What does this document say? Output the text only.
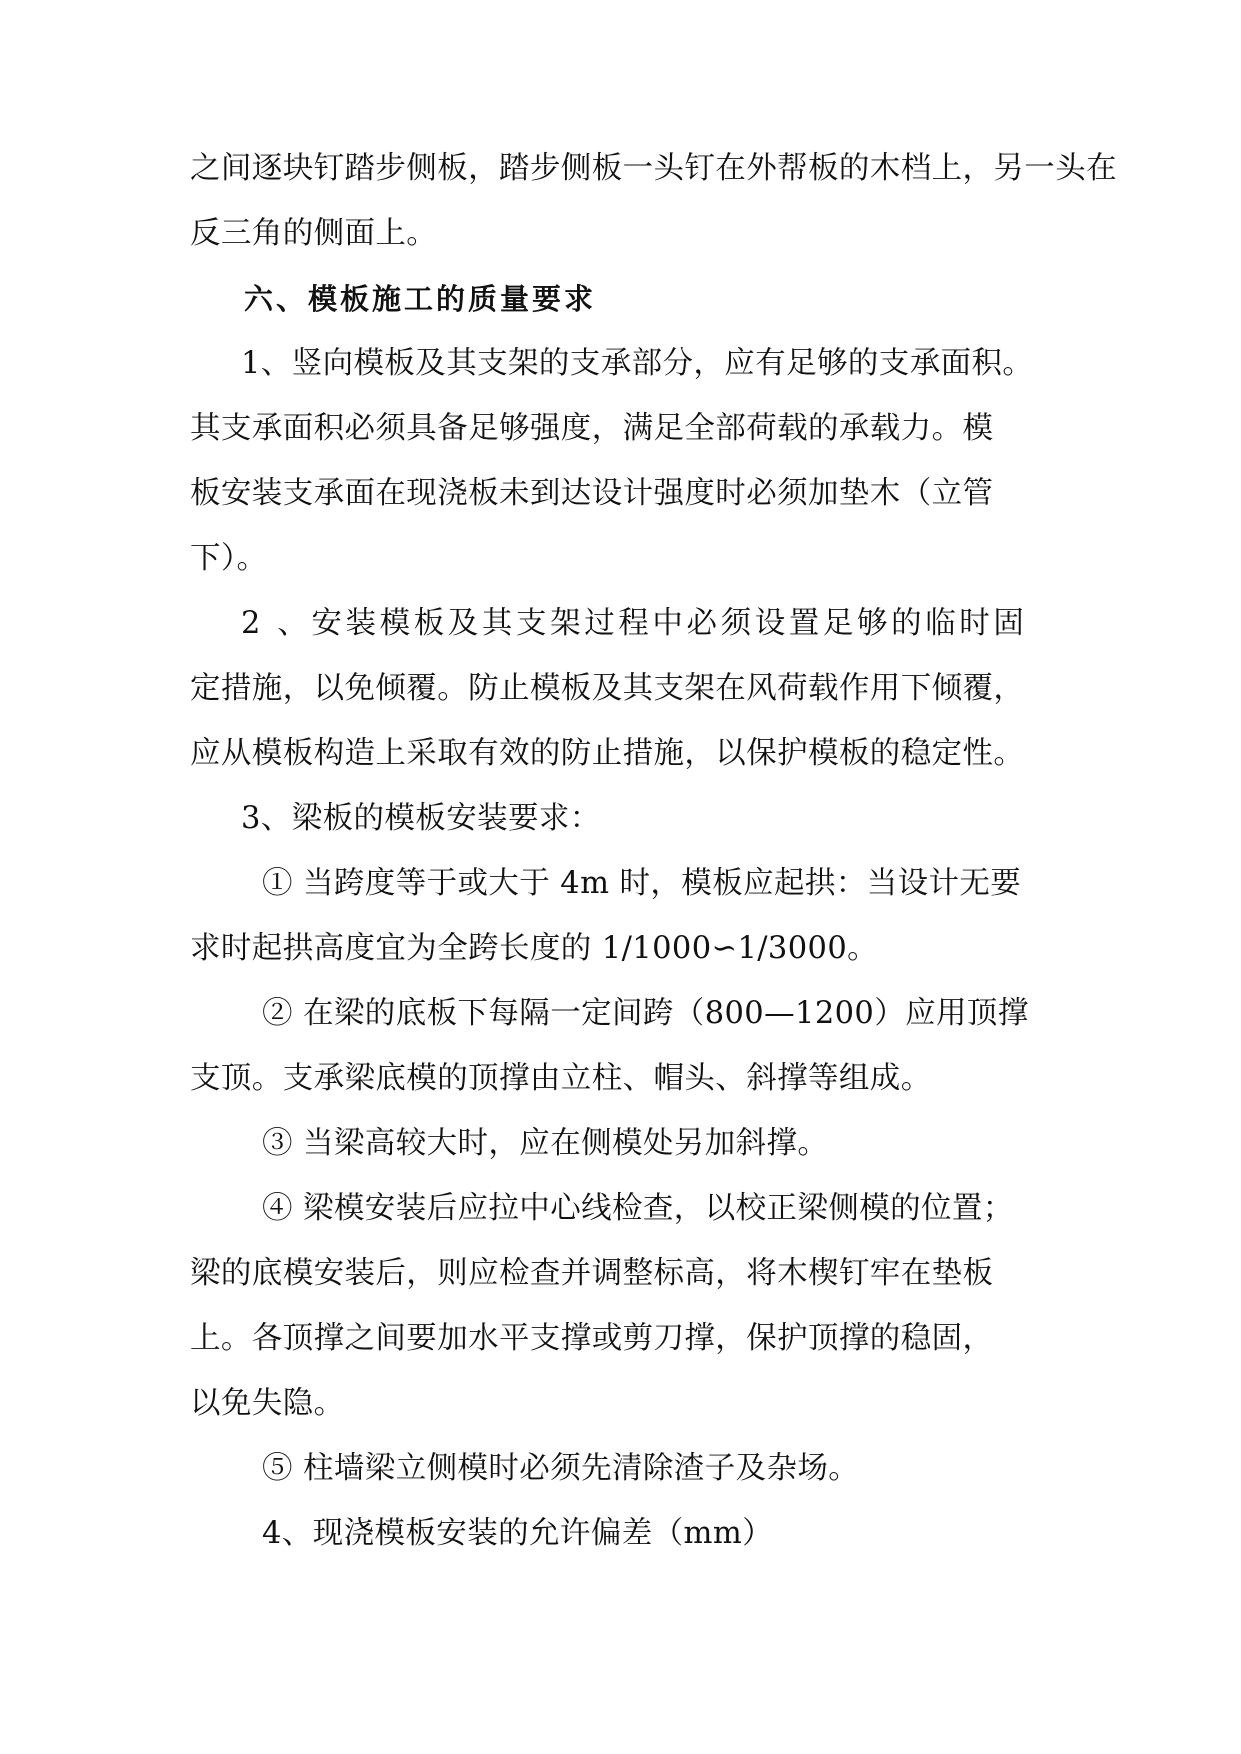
之间逐块钉踏步侧板，踏步侧板一头钉在外帮板的木档上，另一头在
反三角的侧面上。
六、模板施工的质量要求
1、竖向模板及其支架的支承部分，应有足够的支承面积。
其支承面积必须具备足够强度，满足全部荷载的承载力。模
板安装支承面在现浇板未到达设计强度时必须加垫木（立管
下）。
2 、安装模板及其支架过程中必须设置足够的临时固
定措施，以免倾覆。防止模板及其支架在风荷载作用下倾覆，
应从模板构造上采取有效的防止措施，以保护模板的稳定性。
3、梁板的模板安装要求：
① 当跨度等于或大于 4m 时，模板应起拱：当设计无要
求时起拱高度宜为全跨长度的 1/1000∽1/3000。
② 在梁的底板下每隔一定间跨（800—1200）应用顶撑
支顶。支承梁底模的顶撑由立柱、帽头、斜撑等组成。
③ 当梁高较大时，应在侧模处另加斜撑。
④ 梁模安装后应拉中心线检查，以校正梁侧模的位置；
梁的底模安装后，则应检查并调整标高，将木楔钉牢在垫板
上。各顶撑之间要加水平支撑或剪刀撑，保护顶撑的稳固，
以免失隐。
⑤ 柱墙梁立侧模时必须先清除渣子及杂场。
4、现浇模板安装的允许偏差（mm）
